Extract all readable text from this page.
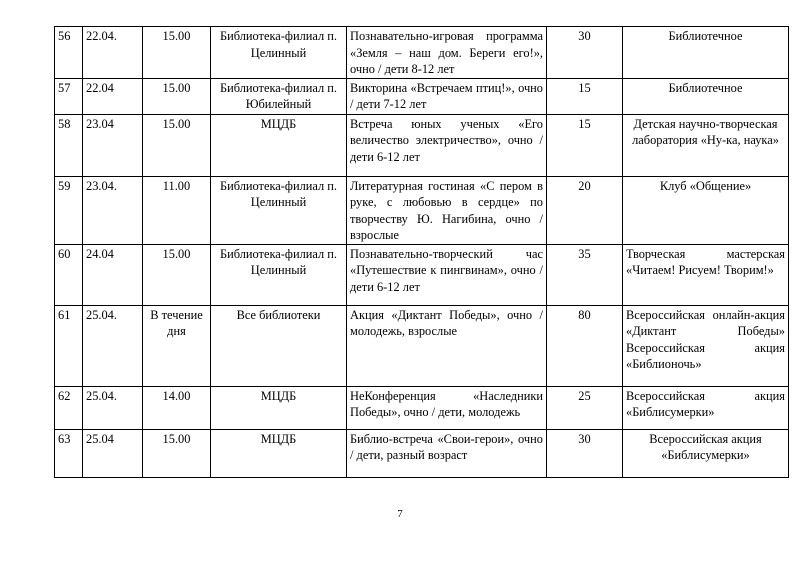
56	22.04.	15.00	Библиотека-филиал п. Целинный	Познавательно-игровая программа «Земля – наш дом. Береги его!», очно / дети 8-12 лет	30	Библиотечное
57	22.04	15.00	Библиотека-филиал п. Юбилейный	Викторина «Встречаем птиц!», очно / дети 7-12 лет	15	Библиотечное
58	23.04	15.00	МЦДБ	Встреча юных ученых «Его величество электричество», очно / дети 6-12 лет	15	Детская научно-творческая лаборатория «Ну-ка, наука»
59	23.04.	11.00	Библиотека-филиал п. Целинный	Литературная гостиная «С пером в руке, с любовью в сердце» по творчеству Ю. Нагибина, очно / взрослые	20	Клуб «Общение»
60	24.04	15.00	Библиотека-филиал п. Целинный	Познавательно-творческий час «Путешествие к пингвинам», очно / дети 6-12 лет	35	Творческая мастерская «Читаем! Рисуем! Творим!»
61	25.04.	В течение дня	Все библиотеки	Акция «Диктант Победы», очно / молодежь, взрослые	80	Всероссийская онлайн-акция «Диктант Победы» Всероссийская акция «Библионочь»
62	25.04.	14.00	МЦДБ	НеКонференция «Наследники Победы», очно / дети, молодежь	25	Всероссийская акция «Библисумерки»
63	25.04	15.00	МЦДБ	Библио-встреча «Свои-герои», очно / дети, разный возраст	30	Всероссийская акция «Библисумерки»
7
